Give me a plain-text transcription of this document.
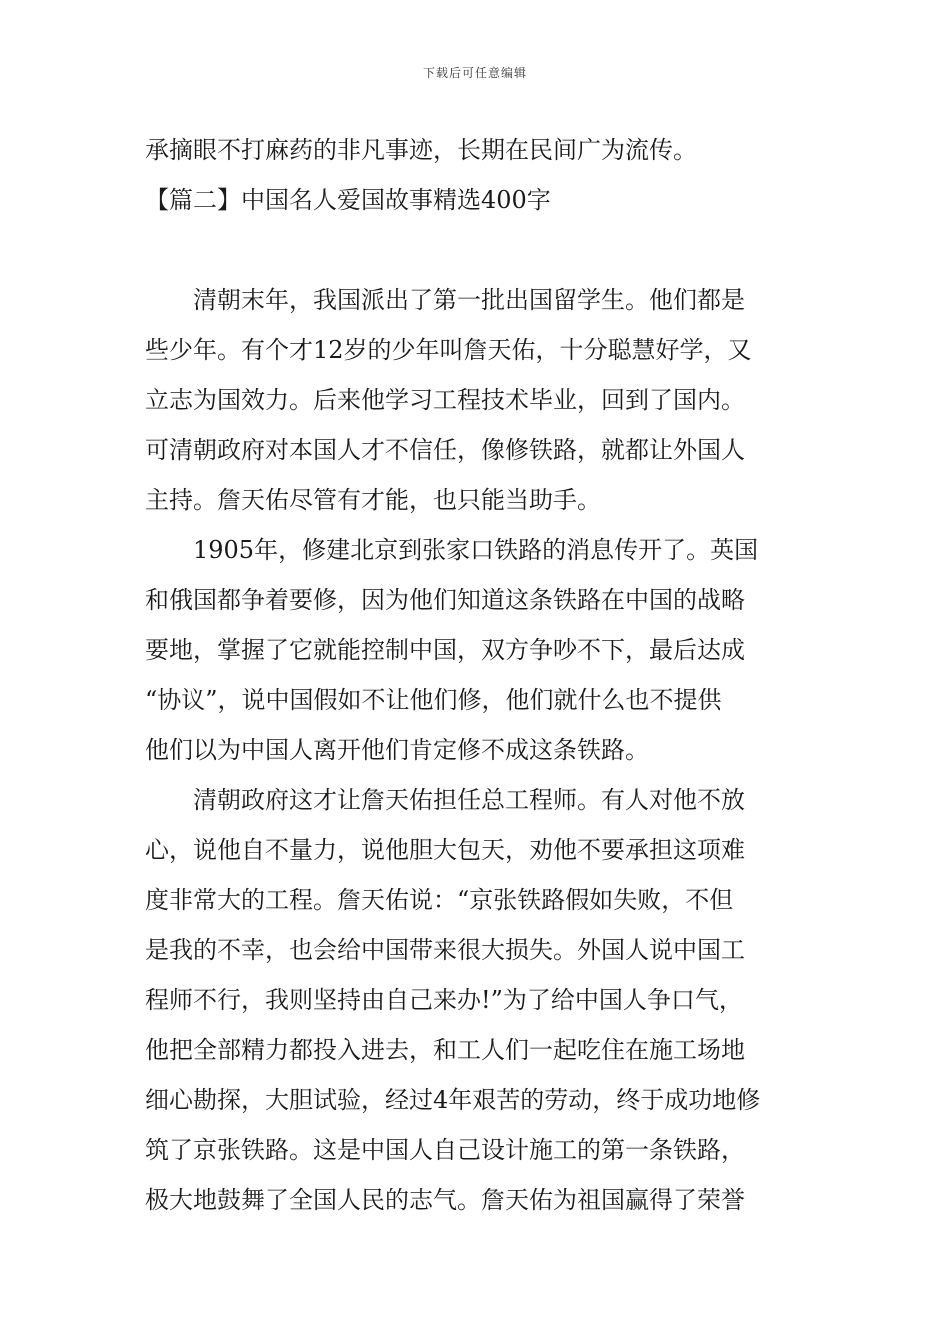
下载后可任意编辑
承摘眼不打麻药的非凡事迹，长期在民间广为流传。
【篇二】中国名人爱国故事精选400字
　　清朝末年，我国派出了第一批出国留学生。他们都是
些少年。有个才12岁的少年叫詹天佑，十分聪慧好学，又
立志为国效力。后来他学习工程技术毕业，回到了国内。
可清朝政府对本国人才不信任，像修铁路，就都让外国人
主持。詹天佑尽管有才能，也只能当助手。
　　1905年，修建北京到张家口铁路的消息传开了。英国
和俄国都争着要修，因为他们知道这条铁路在中国的战略
要地，掌握了它就能控制中国，双方争吵不下，最后达成
“协议”，说中国假如不让他们修，他们就什么也不提供
他们以为中国人离开他们肯定修不成这条铁路。
　　清朝政府这才让詹天佑担任总工程师。有人对他不放
心，说他自不量力，说他胆大包天，劝他不要承担这项难
度非常大的工程。詹天佑说：“京张铁路假如失败，不但
是我的不幸，也会给中国带来很大损失。外国人说中国工
程师不行，我则坚持由自己来办!”为了给中国人争口气，
他把全部精力都投入进去，和工人们一起吃住在施工场地
细心勘探，大胆试验，经过4年艰苦的劳动，终于成功地修
筑了京张铁路。这是中国人自己设计施工的第一条铁路，
极大地鼓舞了全国人民的志气。詹天佑为祖国赢得了荣誉
